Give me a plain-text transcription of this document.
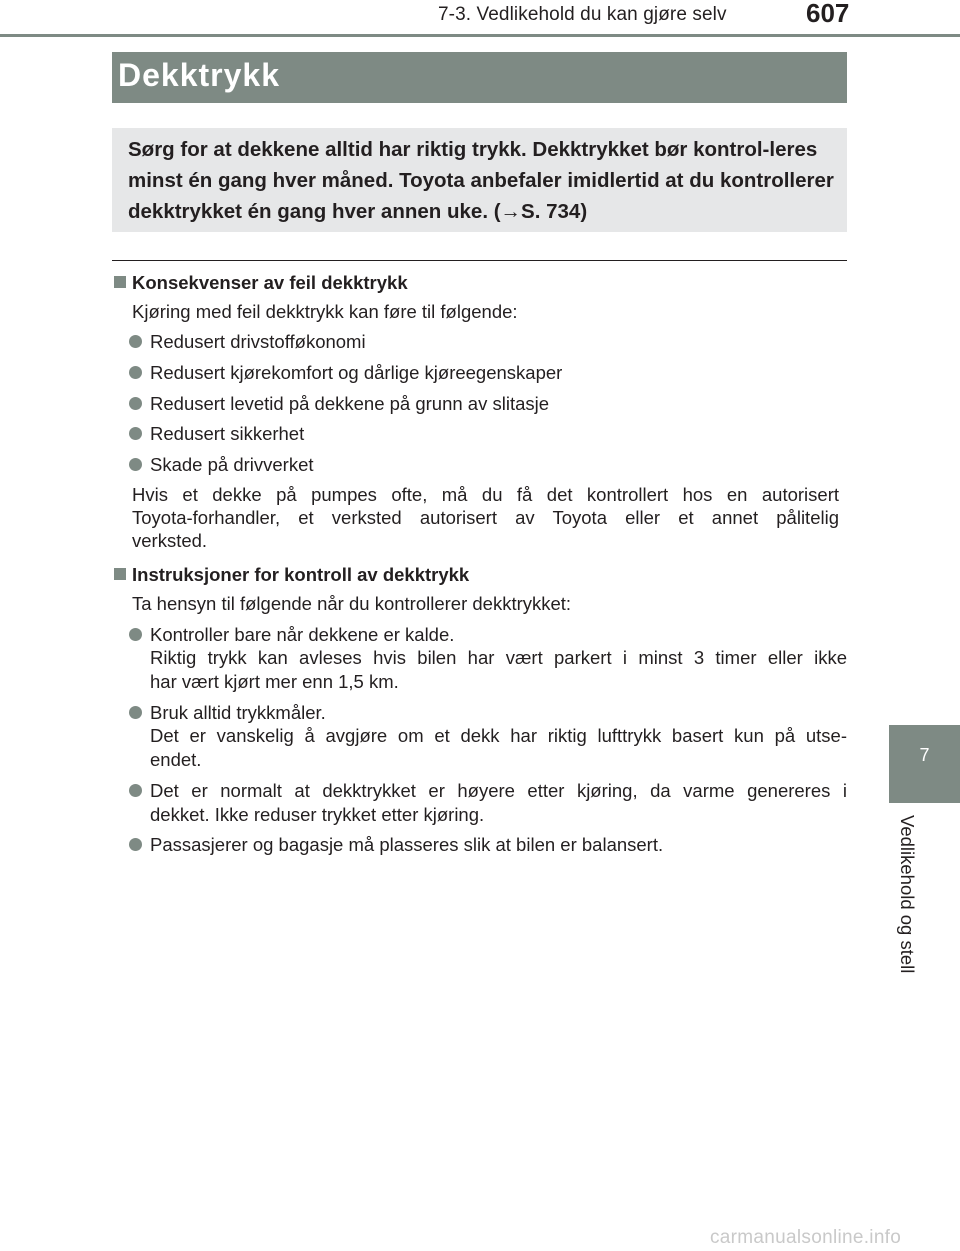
7-3. Vedlikehold du kan gjøre selv	607
Dekktrykk
Sørg for at dekkene alltid har riktig trykk. Dekktrykket bør kontrol-leres minst én gang hver måned. Toyota anbefaler imidlertid at du kontrollerer dekktrykket én gang hver annen uke. (→S. 734)
Konsekvenser av feil dekktrykk
Kjøring med feil dekktrykk kan føre til følgende:
Redusert drivstofføkonomi
Redusert kjørekomfort og dårlige kjøreegenskaper
Redusert levetid på dekkene på grunn av slitasje
Redusert sikkerhet
Skade på drivverket
Hvis et dekke på pumpes ofte, må du få det kontrollert hos en autorisert
Toyota-forhandler, et verksted autorisert av Toyota eller et annet pålitelig
verksted.
Instruksjoner for kontroll av dekktrykk
Ta hensyn til følgende når du kontrollerer dekktrykket:
Kontroller bare når dekkene er kalde.
Riktig trykk kan avleses hvis bilen har vært parkert i minst 3 timer eller ikke
har vært kjørt mer enn 1,5 km.
Bruk alltid trykkmåler.
Det er vanskelig å avgjøre om et dekk har riktig lufttrykk basert kun på utse-
endet.
Det er normalt at dekktrykket er høyere etter kjøring, da varme genereres i
dekket. Ikke reduser trykket etter kjøring.
Passasjerer og bagasje må plasseres slik at bilen er balansert.
7
Vedlikehold og stell
carmanualsonline.info
